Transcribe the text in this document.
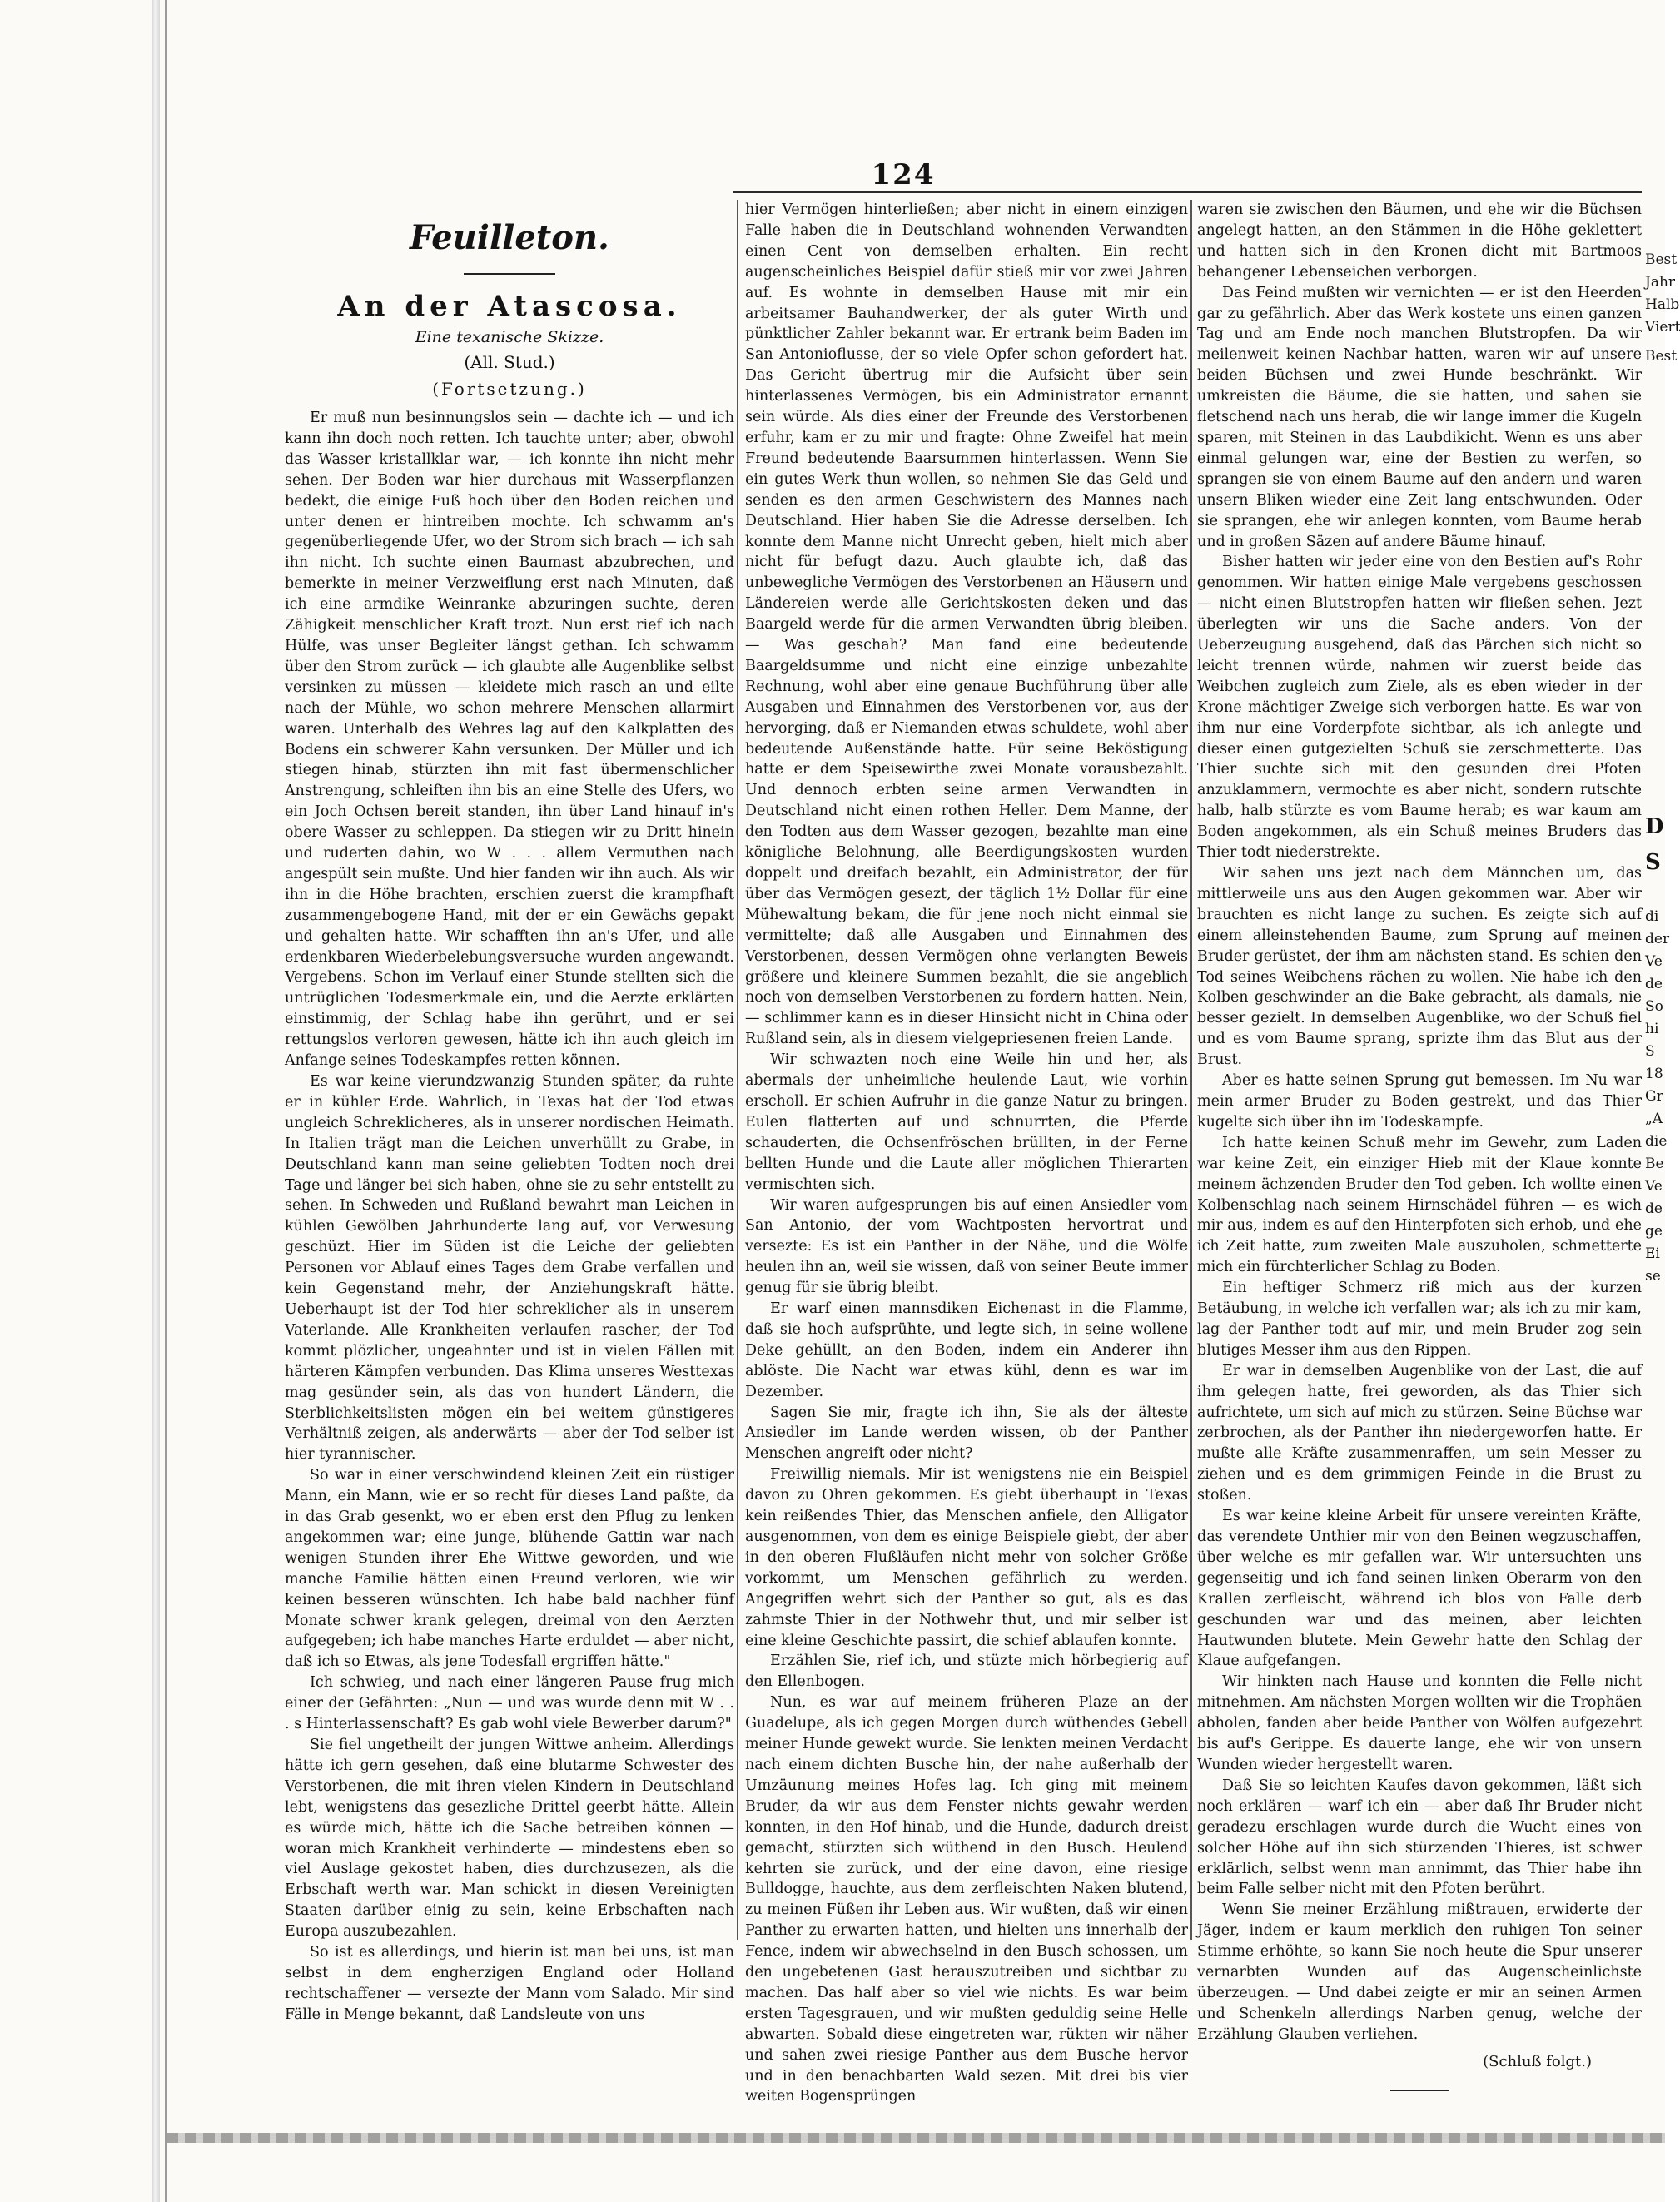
124
Feuilleton.
An der Atascosa.
Eine texanische Skizze.
(All. Stud.)
(Fortsetzung.)

Er muß nun besinnungslos sein — dachte ich — und ich kann ihn doch noch retten. Ich tauchte unter; aber, obwohl das Wasser kristallklar war, — ich konnte ihn nicht mehr sehen. Der Boden war hier durchaus mit Wasserpflanzen bedekt, die einige Fuß hoch über den Boden reichen und unter denen er hintreiben mochte. Ich schwamm an's gegenüberliegende Ufer, wo der Strom sich brach — ich sah ihn nicht. Ich suchte einen Baumast abzubrechen, und bemerkte in meiner Verzweiflung erst nach Minuten, daß ich eine armdike Weinranke abzuringen suchte, deren Zähigkeit menschlicher Kraft trozt. Nun erst rief ich nach Hülfe, was unser Begleiter längst gethan. Ich schwamm über den Strom zurück — ich glaubte alle Augenblike selbst versinken zu müssen — kleidete mich rasch an und eilte nach der Mühle, wo schon mehrere Menschen allarmirt waren. Unterhalb des Wehres lag auf den Kalkplatten des Bodens ein schwerer Kahn versunken. Der Müller und ich stiegen hinab, stürzten ihn mit fast übermenschlicher Anstrengung, schleiften ihn bis an eine Stelle des Ufers, wo ein Joch Ochsen bereit standen, ihn über Land hinauf in's obere Wasser zu schleppen. Da stiegen wir zu Dritt hinein und ruderten dahin, wo W . . . allem Vermuthen nach angespült sein mußte. Und hier fanden wir ihn auch. Als wir ihn in die Höhe brachten, erschien zuerst die krampfhaft zusammengebogene Hand, mit der er ein Gewächs gepakt und gehalten hatte. Wir schafften ihn an's Ufer, und alle erdenkbaren Wiederbelebungsversuche wurden angewandt. Vergebens. Schon im Verlauf einer Stunde stellten sich die untrüglichen Todesmerkmale ein, und die Aerzte erklärten einstimmig, der Schlag habe ihn gerührt, und er sei rettungslos verloren gewesen, hätte ich ihn auch gleich im Anfange seines Todeskampfes retten können.

Es war keine vierundzwanzig Stunden später, da ruhte er in kühler Erde. Wahrlich, in Texas hat der Tod etwas ungleich Schreklicheres, als in unserer nordischen Heimath. In Italien trägt man die Leichen unverhüllt zu Grabe, in Deutschland kann man seine geliebten Todten noch drei Tage und länger bei sich haben, ohne sie zu sehr entstellt zu sehen. In Schweden und Rußland bewahrt man Leichen in kühlen Gewölben Jahrhunderte lang auf, vor Verwesung geschüzt. Hier im Süden ist die Leiche der geliebten Personen vor Ablauf eines Tages dem Grabe verfallen und kein Gegenstand mehr, der Anziehungskraft hätte. Ueberhaupt ist der Tod hier schreklicher als in unserem Vaterlande. Alle Krankheiten verlaufen rascher, der Tod kommt plözlicher, ungeahnter und ist in vielen Fällen mit härteren Kämpfen verbunden. Das Klima unseres Westtexas mag gesünder sein, als das von hundert Ländern, die Sterblichkeitslisten mögen ein bei weitem günstigeres Verhältniß zeigen, als anderwärts — aber der Tod selber ist hier tyrannischer.

So war in einer verschwindend kleinen Zeit ein rüstiger Mann, ein Mann, wie er so recht für dieses Land paßte, da in das Grab gesenkt, wo er eben erst den Pflug zu lenken angekommen war; eine junge, blühende Gattin war nach wenigen Stunden ihrer Ehe Wittwe geworden, und wie manche Familie hätten einen Freund verloren, wie wir keinen besseren wünschten. Ich habe bald nachher fünf Monate schwer krank gelegen, dreimal von den Aerzten aufgegeben; ich habe manches Harte erduldet — aber nicht, daß ich so Etwas, als jene Todesfall ergriffen hätte."

Ich schwieg, und nach einer längeren Pause frug mich einer der Gefährten: „Nun — und was wurde denn mit W . . . s Hinterlassenschaft? Es gab wohl viele Bewerber darum?"

Sie fiel ungetheilt der jungen Wittwe anheim. Allerdings hätte ich gern gesehen, daß eine blutarme Schwester des Verstorbenen, die mit ihren vielen Kindern in Deutschland lebt, wenigstens das gesezliche Drittel geerbt hätte. Allein es würde mich, hätte ich die Sache betreiben können — woran mich Krankheit verhinderte — mindestens eben so viel Auslage gekostet haben, dies durchzusezen, als die Erbschaft werth war. Man schickt in diesen Vereinigten Staaten darüber einig zu sein, keine Erbschaften nach Europa auszubezahlen.

So ist es allerdings, und hierin ist man bei uns, ist man selbst in dem engherzigen England oder Holland rechtschaffener — versezte der Mann vom Salado. Mir sind Fälle in Menge bekannt, daß Landsleute von uns

hier Vermögen hinterließen; aber nicht in einem einzigen Falle haben die in Deutschland wohnenden Verwandten einen Cent von demselben erhalten. Ein recht augenscheinliches Beispiel dafür stieß mir vor zwei Jahren auf. Es wohnte in demselben Hause mit mir ein arbeitsamer Bauhandwerker, der als guter Wirth und pünktlicher Zahler bekannt war. Er ertrank beim Baden im San Antonioflusse, der so viele Opfer schon gefordert hat. Das Gericht übertrug mir die Aufsicht über sein hinterlassenes Vermögen, bis ein Administrator ernannt sein würde. Als dies einer der Freunde des Verstorbenen erfuhr, kam er zu mir und fragte: Ohne Zweifel hat mein Freund bedeutende Baarsummen hinterlassen. Wenn Sie ein gutes Werk thun wollen, so nehmen Sie das Geld und senden es den armen Geschwistern des Mannes nach Deutschland. Hier haben Sie die Adresse derselben. Ich konnte dem Manne nicht Unrecht geben, hielt mich aber nicht für befugt dazu. Auch glaubte ich, daß das unbewegliche Vermögen des Verstorbenen an Häusern und Ländereien werde alle Gerichtskosten deken und das Baargeld werde für die armen Verwandten übrig bleiben. — Was geschah? Man fand eine bedeutende Baargeldsumme und nicht eine einzige unbezahlte Rechnung, wohl aber eine genaue Buchführung über alle Ausgaben und Einnahmen des Verstorbenen vor, aus der hervorging, daß er Niemanden etwas schuldete, wohl aber bedeutende Außenstände hatte. Für seine Beköstigung hatte er dem Speisewirthe zwei Monate vorausbezahlt. Und dennoch erbten seine armen Verwandten in Deutschland nicht einen rothen Heller. Dem Manne, der den Todten aus dem Wasser gezogen, bezahlte man eine königliche Belohnung, alle Beerdigungskosten wurden doppelt und dreifach bezahlt, ein Administrator, der für über das Vermögen gesezt, der täglich 1½ Dollar für eine Mühewaltung bekam, die für jene noch nicht einmal sie vermittelte; daß alle Ausgaben und Einnahmen des Verstorbenen, dessen Vermögen ohne verlangten Beweis größere und kleinere Summen bezahlt, die sie angeblich noch von demselben Verstorbenen zu fordern hatten. Nein, — schlimmer kann es in dieser Hinsicht nicht in China oder Rußland sein, als in diesem vielgepriesenen freien Lande.

Wir schwazten noch eine Weile hin und her, als abermals der unheimliche heulende Laut, wie vorhin erscholl. Er schien Aufruhr in die ganze Natur zu bringen. Eulen flatterten auf und schnurrten, die Pferde schauderten, die Ochsenfröschen brüllten, in der Ferne bellten Hunde und die Laute aller möglichen Thierarten vermischten sich.

Wir waren aufgesprungen bis auf einen Ansiedler vom San Antonio, der vom Wachtposten hervortrat und versezte: Es ist ein Panther in der Nähe, und die Wölfe heulen ihn an, weil sie wissen, daß von seiner Beute immer genug für sie übrig bleibt.

Er warf einen mannsdiken Eichenast in die Flamme, daß sie hoch aufsprühte, und legte sich, in seine wollene Deke gehüllt, an den Boden, indem ein Anderer ihn ablöste. Die Nacht war etwas kühl, denn es war im Dezember.

Sagen Sie mir, fragte ich ihn, Sie als der älteste Ansiedler im Lande werden wissen, ob der Panther Menschen angreift oder nicht?

Freiwillig niemals. Mir ist wenigstens nie ein Beispiel davon zu Ohren gekommen. Es giebt überhaupt in Texas kein reißendes Thier, das Menschen anfiele, den Alligator ausgenommen, von dem es einige Beispiele giebt, der aber in den oberen Flußläufen nicht mehr von solcher Größe vorkommt, um Menschen gefährlich zu werden. Angegriffen wehrt sich der Panther so gut, als es das zahmste Thier in der Nothwehr thut, und mir selber ist eine kleine Geschichte passirt, die schief ablaufen konnte.

Erzählen Sie, rief ich, und stüzte mich hörbegierig auf den Ellenbogen.

Nun, es war auf meinem früheren Plaze an der Guadelupe, als ich gegen Morgen durch wüthendes Gebell meiner Hunde gewekt wurde. Sie lenkten meinen Verdacht nach einem dichten Busche hin, der nahe außerhalb der Umzäunung meines Hofes lag. Ich ging mit meinem Bruder, da wir aus dem Fenster nichts gewahr werden konnten, in den Hof hinab, und die Hunde, dadurch dreist gemacht, stürzten sich wüthend in den Busch. Heulend kehrten sie zurück, und der eine davon, eine riesige Bulldogge, hauchte, aus dem zerfleischten Naken blutend, zu meinen Füßen ihr Leben aus. Wir wußten, daß wir einen Panther zu erwarten hatten, und hielten uns innerhalb der Fence, indem wir abwechselnd in den Busch schossen, um den ungebetenen Gast herauszutreiben und sichtbar zu machen. Das half aber so viel wie nichts. Es war beim ersten Tagesgrauen, und wir mußten geduldig seine Helle abwarten. Sobald diese eingetreten war, rükten wir näher und sahen zwei riesige Panther aus dem Busche hervor und in den benachbarten Wald sezen. Mit drei bis vier weiten Bogensprüngen

waren sie zwischen den Bäumen, und ehe wir die Büchsen angelegt hatten, an den Stämmen in die Höhe geklettert und hatten sich in den Kronen dicht mit Bartmoos behangener Lebenseichen verborgen.

Das Feind mußten wir vernichten — er ist den Heerden gar zu gefährlich. Aber das Werk kostete uns einen ganzen Tag und am Ende noch manchen Blutstropfen. Da wir meilenweit keinen Nachbar hatten, waren wir auf unsere beiden Büchsen und zwei Hunde beschränkt. Wir umkreisten die Bäume, die sie hatten, und sahen sie fletschend nach uns herab, die wir lange immer die Kugeln sparen, mit Steinen in das Laubdikicht. Wenn es uns aber einmal gelungen war, eine der Bestien zu werfen, so sprangen sie von einem Baume auf den andern und waren unsern Bliken wieder eine Zeit lang entschwunden. Oder sie sprangen, ehe wir anlegen konnten, vom Baume herab und in großen Säzen auf andere Bäume hinauf.

Bisher hatten wir jeder eine von den Bestien auf's Rohr genommen. Wir hatten einige Male vergebens geschossen — nicht einen Blutstropfen hatten wir fließen sehen. Jezt überlegten wir uns die Sache anders. Von der Ueberzeugung ausgehend, daß das Pärchen sich nicht so leicht trennen würde, nahmen wir zuerst beide das Weibchen zugleich zum Ziele, als es eben wieder in der Krone mächtiger Zweige sich verborgen hatte. Es war von ihm nur eine Vorderpfote sichtbar, als ich anlegte und dieser einen gutgezielten Schuß sie zerschmetterte. Das Thier suchte sich mit den gesunden drei Pfoten anzuklammern, vermochte es aber nicht, sondern rutschte halb, halb stürzte es vom Baume herab; es war kaum am Boden angekommen, als ein Schuß meines Bruders das Thier todt niederstrekte.

Wir sahen uns jezt nach dem Männchen um, das mittlerweile uns aus den Augen gekommen war. Aber wir brauchten es nicht lange zu suchen. Es zeigte sich auf einem alleinstehenden Baume, zum Sprung auf meinen Bruder gerüstet, der ihm am nächsten stand. Es schien den Tod seines Weibchens rächen zu wollen. Nie habe ich den Kolben geschwinder an die Bake gebracht, als damals, nie besser gezielt. In demselben Augenblike, wo der Schuß fiel und es vom Baume sprang, sprizte ihm das Blut aus der Brust.

Aber es hatte seinen Sprung gut bemessen. Im Nu war mein armer Bruder zu Boden gestrekt, und das Thier kugelte sich über ihn im Todeskampfe.

Ich hatte keinen Schuß mehr im Gewehr, zum Laden war keine Zeit, ein einziger Hieb mit der Klaue konnte meinem ächzenden Bruder den Tod geben. Ich wollte einen Kolbenschlag nach seinem Hirnschädel führen — es wich mir aus, indem es auf den Hinterpfoten sich erhob, und ehe ich Zeit hatte, zum zweiten Male auszuholen, schmetterte mich ein fürchterlicher Schlag zu Boden.

Ein heftiger Schmerz riß mich aus der kurzen Betäubung, in welche ich verfallen war; als ich zu mir kam, lag der Panther todt auf mir, und mein Bruder zog sein blutiges Messer ihm aus den Rippen.

Er war in demselben Augenblike von der Last, die auf ihm gelegen hatte, frei geworden, als das Thier sich aufrichtete, um sich auf mich zu stürzen. Seine Büchse war zerbrochen, als der Panther ihn niedergeworfen hatte. Er mußte alle Kräfte zusammenraffen, um sein Messer zu ziehen und es dem grimmigen Feinde in die Brust zu stoßen.

Es war keine kleine Arbeit für unsere vereinten Kräfte, das verendete Unthier mir von den Beinen wegzuschaffen, über welche es mir gefallen war. Wir untersuchten uns gegenseitig und ich fand seinen linken Oberarm von den Krallen zerfleischt, während ich blos von Falle derb geschunden war und das meinen, aber leichten Hautwunden blutete. Mein Gewehr hatte den Schlag der Klaue aufgefangen.

Wir hinkten nach Hause und konnten die Felle nicht mitnehmen. Am nächsten Morgen wollten wir die Trophäen abholen, fanden aber beide Panther von Wölfen aufgezehrt bis auf's Gerippe. Es dauerte lange, ehe wir von unsern Wunden wieder hergestellt waren.

Daß Sie so leichten Kaufes davon gekommen, läßt sich noch erklären — warf ich ein — aber daß Ihr Bruder nicht geradezu erschlagen wurde durch die Wucht eines von solcher Höhe auf ihn sich stürzenden Thieres, ist schwer erklärlich, selbst wenn man annimmt, das Thier habe ihn beim Falle selber nicht mit den Pfoten berührt.

Wenn Sie meiner Erzählung mißtrauen, erwiderte der Jäger, indem er kaum merklich den ruhigen Ton seiner Stimme erhöhte, so kann Sie noch heute die Spur unserer vernarbten Wunden auf das Augenscheinlichste überzeugen. — Und dabei zeigte er mir an seinen Armen und Schenkeln allerdings Narben genug, welche der Erzählung Glauben verliehen.

(Schluß folgt.)
Best
Jahr
Halb
Viert
Best
D
S
di
der
Ve
de
So
hi
S
18
Gr
„A
die
Be
Ve
de
ge
Ei
se
